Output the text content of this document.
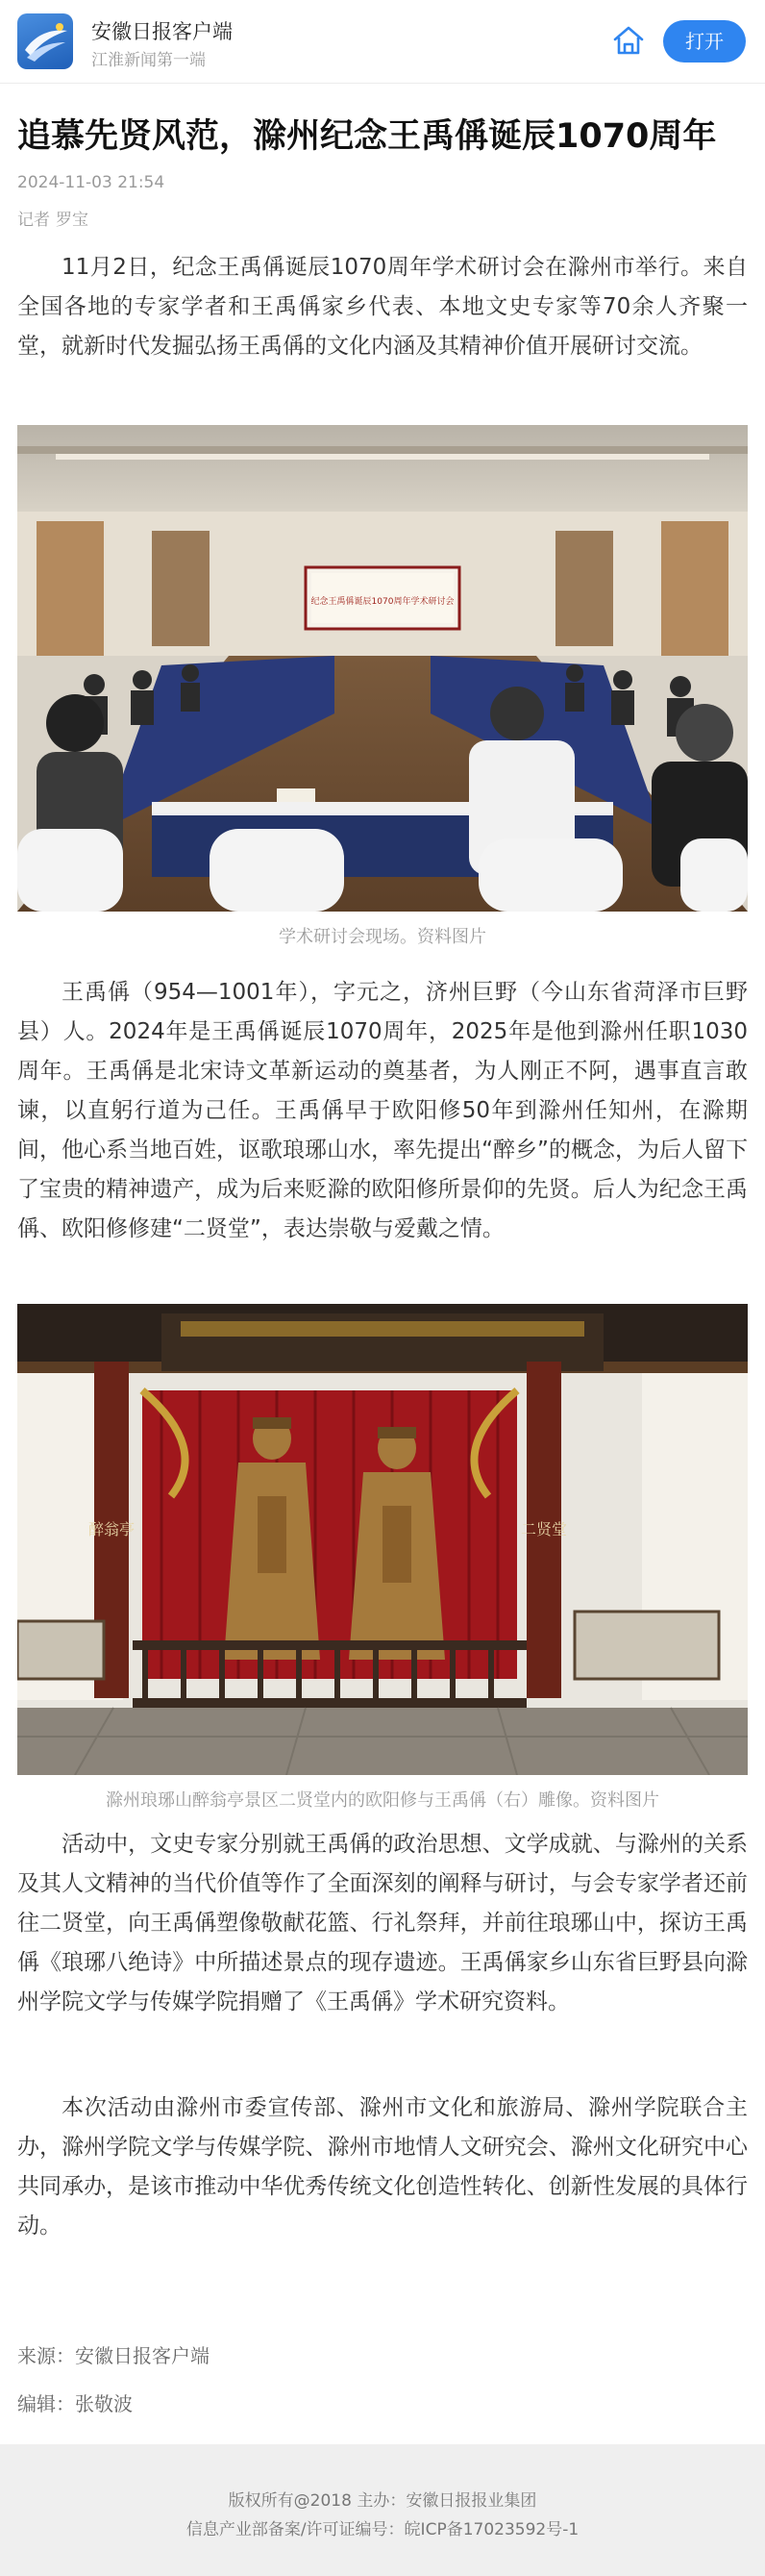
安徽日报客户端
江淮新闻第一端
打开
追慕先贤风范，滁州纪念王禹偁诞辰1070周年
2024-11-03 21:54
记者 罗宝

11月2日，纪念王禹偁诞辰1070周年学术研讨会在滁州市举行。来自全国各地的专家学者和王禹偁家乡代表、本地文史专家等70余人齐聚一堂，就新时代发掘弘扬王禹偁的文化内涵及其精神价值开展研讨交流。

纪念王禹偁诞辰1070周年学术研讨会
学术研讨会现场。资料图片

王禹偁（954—1001年），字元之，济州巨野（今山东省菏泽市巨野县）人。2024年是王禹偁诞辰1070周年，2025年是他到滁州任职1030周年。王禹偁是北宋诗文革新运动的奠基者，为人刚正不阿，遇事直言敢谏，以直躬行道为己任。王禹偁早于欧阳修50年到滁州任知州，在滁期间，他心系当地百姓，讴歌琅琊山水，率先提出“醉乡”的概念，为后人留下了宝贵的精神遗产，成为后来贬滁的欧阳修所景仰的先贤。后人为纪念王禹偁、欧阳修修建“二贤堂”，表达崇敬与爱戴之情。

醉翁亭	二贤堂
滁州琅琊山醉翁亭景区二贤堂内的欧阳修与王禹偁（右）雕像。资料图片

活动中，文史专家分别就王禹偁的政治思想、文学成就、与滁州的关系及其人文精神的当代价值等作了全面深刻的阐释与研讨，与会专家学者还前往二贤堂，向王禹偁塑像敬献花篮、行礼祭拜，并前往琅琊山中，探访王禹偁《琅琊八绝诗》中所描述景点的现存遗迹。王禹偁家乡山东省巨野县向滁州学院文学与传媒学院捐赠了《王禹偁》学术研究资料。

本次活动由滁州市委宣传部、滁州市文化和旅游局、滁州学院联合主办，滁州学院文学与传媒学院、滁州市地情人文研究会、滁州文化研究中心共同承办，是该市推动中华优秀传统文化创造性转化、创新性发展的具体行动。

来源：安徽日报客户端
编辑：张敬波
版权所有@2018 主办：安徽日报报业集团
信息产业部备案/许可证编号：皖ICP备17023592号-1
